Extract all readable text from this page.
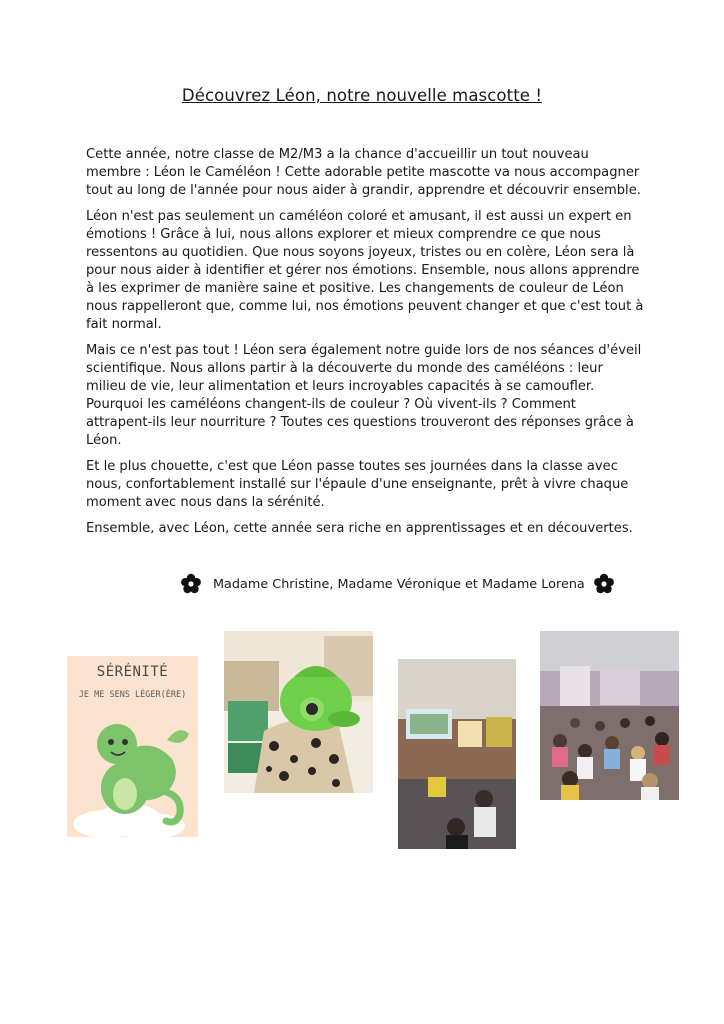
Découvrez Léon, notre nouvelle mascotte !

Cette année, notre classe de M2/M3 a la chance d'accueillir un tout nouveau membre : Léon le Caméléon ! Cette adorable petite mascotte va nous accompagner tout au long de l'année pour nous aider à grandir, apprendre et découvrir ensemble.

Léon n'est pas seulement un caméléon coloré et amusant, il est aussi un expert en émotions ! Grâce à lui, nous allons explorer et mieux comprendre ce que nous ressentons au quotidien. Que nous soyons joyeux, tristes ou en colère, Léon sera là pour nous aider à identifier et gérer nos émotions. Ensemble, nous allons apprendre à les exprimer de manière saine et positive. Les changements de couleur de Léon nous rappelleront que, comme lui, nos émotions peuvent changer et que c'est tout à fait normal.

Mais ce n'est pas tout ! Léon sera également notre guide lors de nos séances d'éveil scientifique. Nous allons partir à la découverte du monde des caméléons : leur milieu de vie, leur alimentation et leurs incroyables capacités à se camoufler. Pourquoi les caméléons changent-ils de couleur ? Où vivent-ils ? Comment attrapent-ils leur nourriture ? Toutes ces questions trouveront des réponses grâce à Léon.

Et le plus chouette, c'est que Léon passe toutes ses journées dans la classe avec nous, confortablement installé sur l'épaule d'une enseignante, prêt à vivre chaque moment avec nous dans la sérénité.

Ensemble, avec Léon, cette année sera riche en apprentissages et en découvertes.

Madame Christine, Madame Véronique et Madame Lorena
SÉRÉNITÉ
JE ME SENS LÉGER(ÈRE)
